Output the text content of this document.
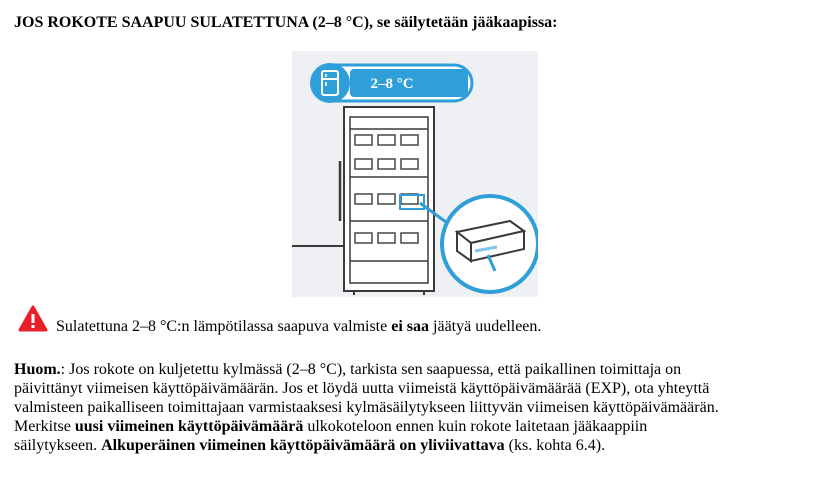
JOS ROKOTE SAAPUU SULATETTUNA (2–8 °C), se säilytetään jääkaapissa:
2–8 °C
Sulatettuna 2–8 °C:n lämpötilassa saapuva valmiste ei saa jäätyä uudelleen.
Huom.: Jos rokote on kuljetettu kylmässä (2–8 °C), tarkista sen saapuessa, että paikallinen toimittaja on
päivittänyt viimeisen käyttöpäivämäärän. Jos et löydä uutta viimeistä käyttöpäivämäärää (EXP), ota yhteyttä
valmisteen paikalliseen toimittajaan varmistaaksesi kylmäsäilytykseen liittyvän viimeisen käyttöpäivämäärän.
Merkitse uusi viimeinen käyttöpäivämäärä ulkokoteloon ennen kuin rokote laitetaan jääkaappiin
säilytykseen. Alkuperäinen viimeinen käyttöpäivämäärä on yliviivattava (ks. kohta 6.4).
